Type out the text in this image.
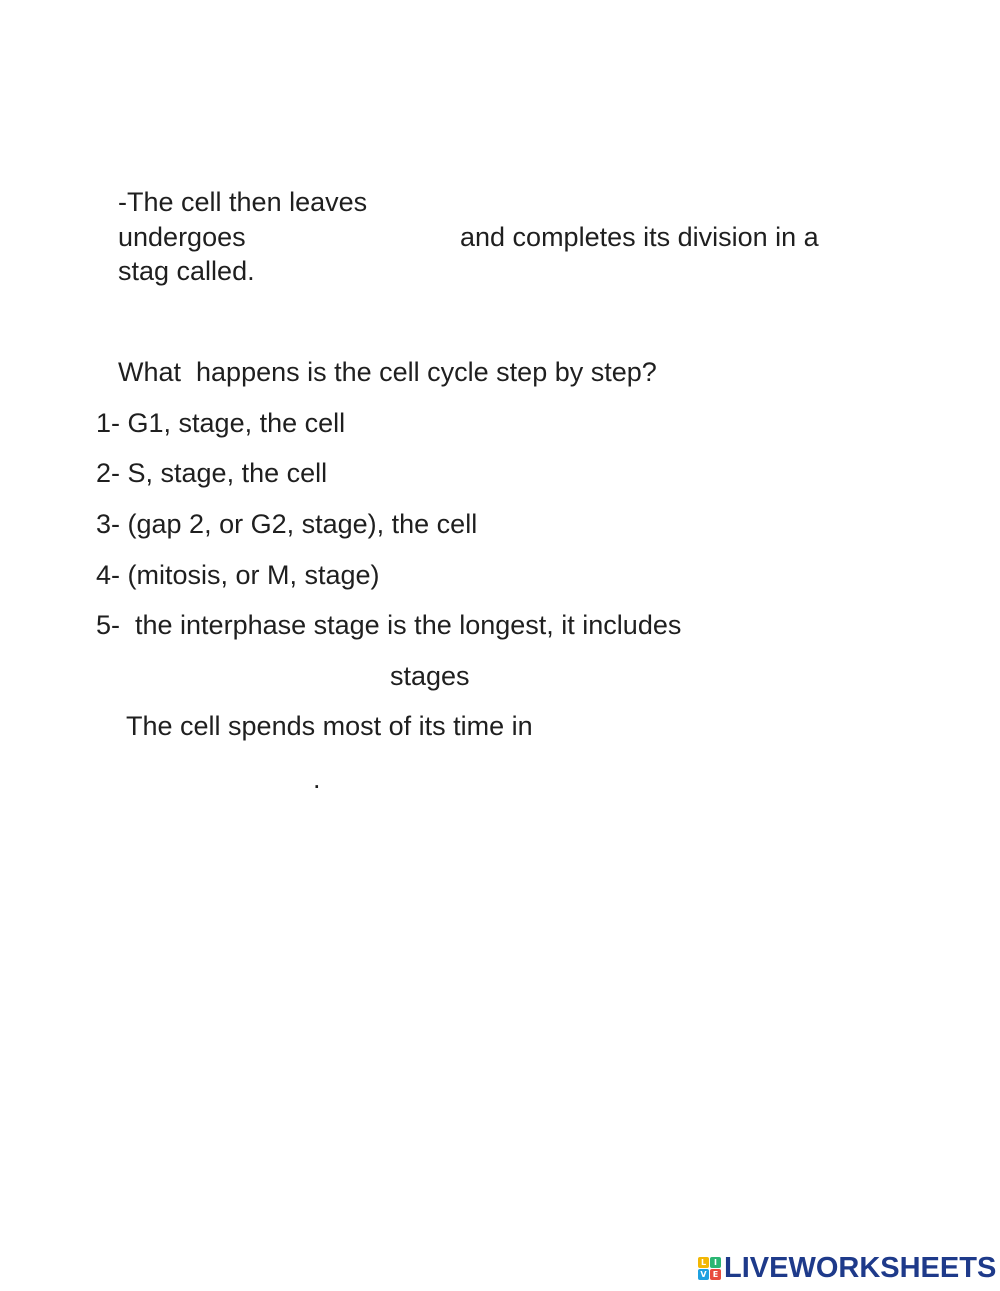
-The cell then leaves

undergoes	and completes its division in a

stag called.

What  happens is the cell cycle step by step?

1- G1, stage, the cell

2- S, stage, the cell

3- (gap 2, or G2, stage), the cell

4- (mitosis, or M, stage)

5-  the interphase stage is the longest, it includes

stages

The cell spends most of its time in

.

L I
V E LIVEWORKSHEETS
